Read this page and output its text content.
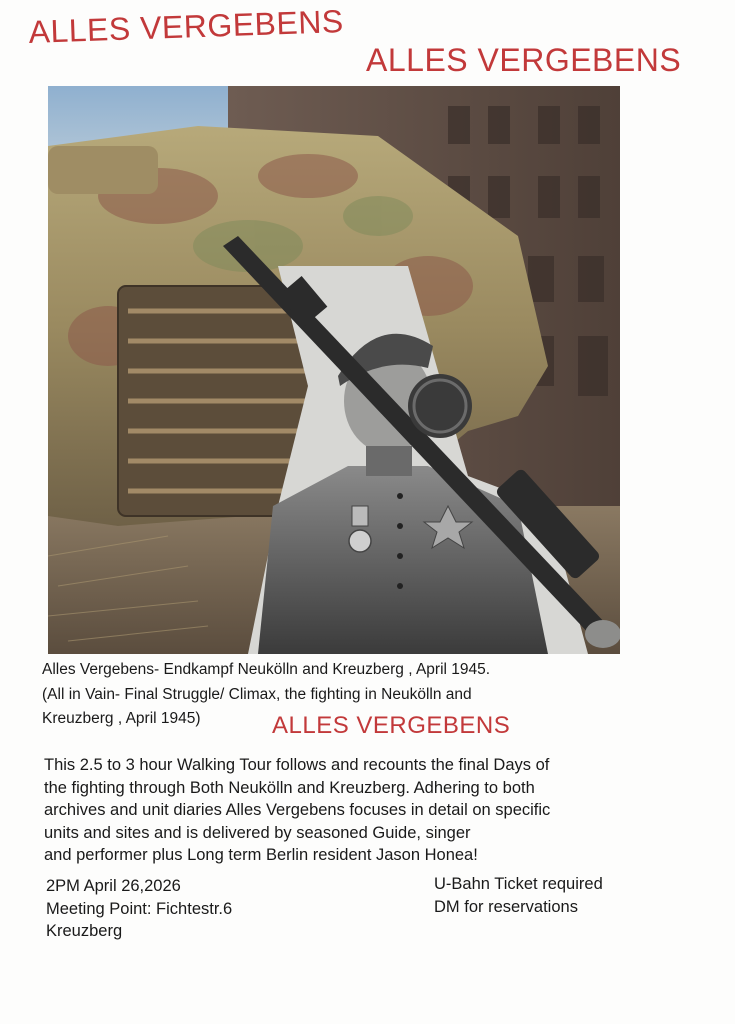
ALLES VERGEBENS
ALLES VERGEBENS
Alles Vergebens- Endkampf Neukölln and Kreuzberg , April 1945.
(All in Vain- Final Struggle/ Climax, the fighting in Neukölln and
Kreuzberg , April 1945)	ALLES VERGEBENS
This 2.5 to 3 hour Walking Tour follows and recounts the final Days of
the fighting through Both Neukölln and Kreuzberg. Adhering to both
archives and unit diaries Alles Vergebens focuses in detail on specific
units and sites and is delivered by seasoned Guide, singer
and performer plus Long term Berlin resident Jason Honea!
2PM April 26,2026
Meeting Point: Fichtestr.6
Kreuzberg
U-Bahn Ticket required
DM for reservations
